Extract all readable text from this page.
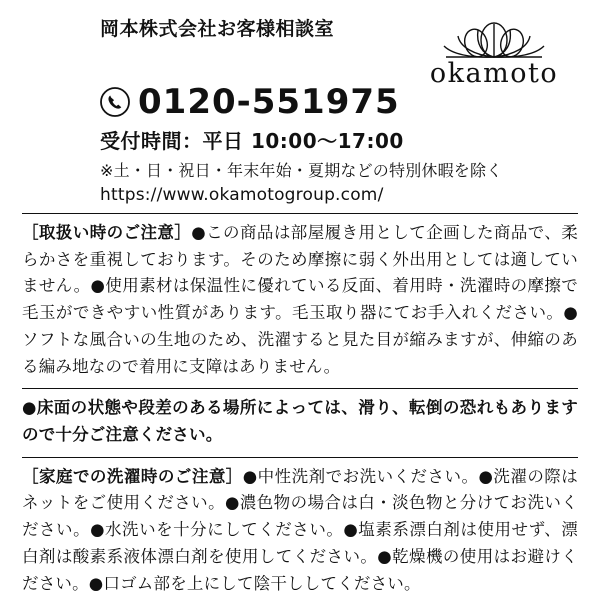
岡本株式会社お客様相談室
okamoto
0120-551975
受付時間：平日 10:00〜17:00
※土・日・祝日・年末年始・夏期などの特別休暇を除く
https://www.okamotogroup.com/

［取扱い時のご注意］●この商品は部屋履き用として企画した商品で、柔らかさを重視しております。そのため摩擦に弱く外出用としては適していません。●使用素材は保温性に優れている反面、着用時・洗濯時の摩擦で毛玉ができやすい性質があります。毛玉取り器にてお手入れください。●ソフトな風合いの生地のため、洗濯すると見た目が縮みますが、伸縮のある編み地なので着用に支障はありません。

●床面の状態や段差のある場所によっては、滑り、転倒の恐れもありますので十分ご注意ください。

［家庭での洗濯時のご注意］●中性洗剤でお洗いください。●洗濯の際はネットをご使用ください。●濃色物の場合は白・淡色物と分けてお洗いください。●水洗いを十分にしてください。●塩素系漂白剤は使用せず、漂白剤は酸素系液体漂白剤を使用してください。●乾燥機の使用はお避けください。●口ゴム部を上にして陰干ししてください。
